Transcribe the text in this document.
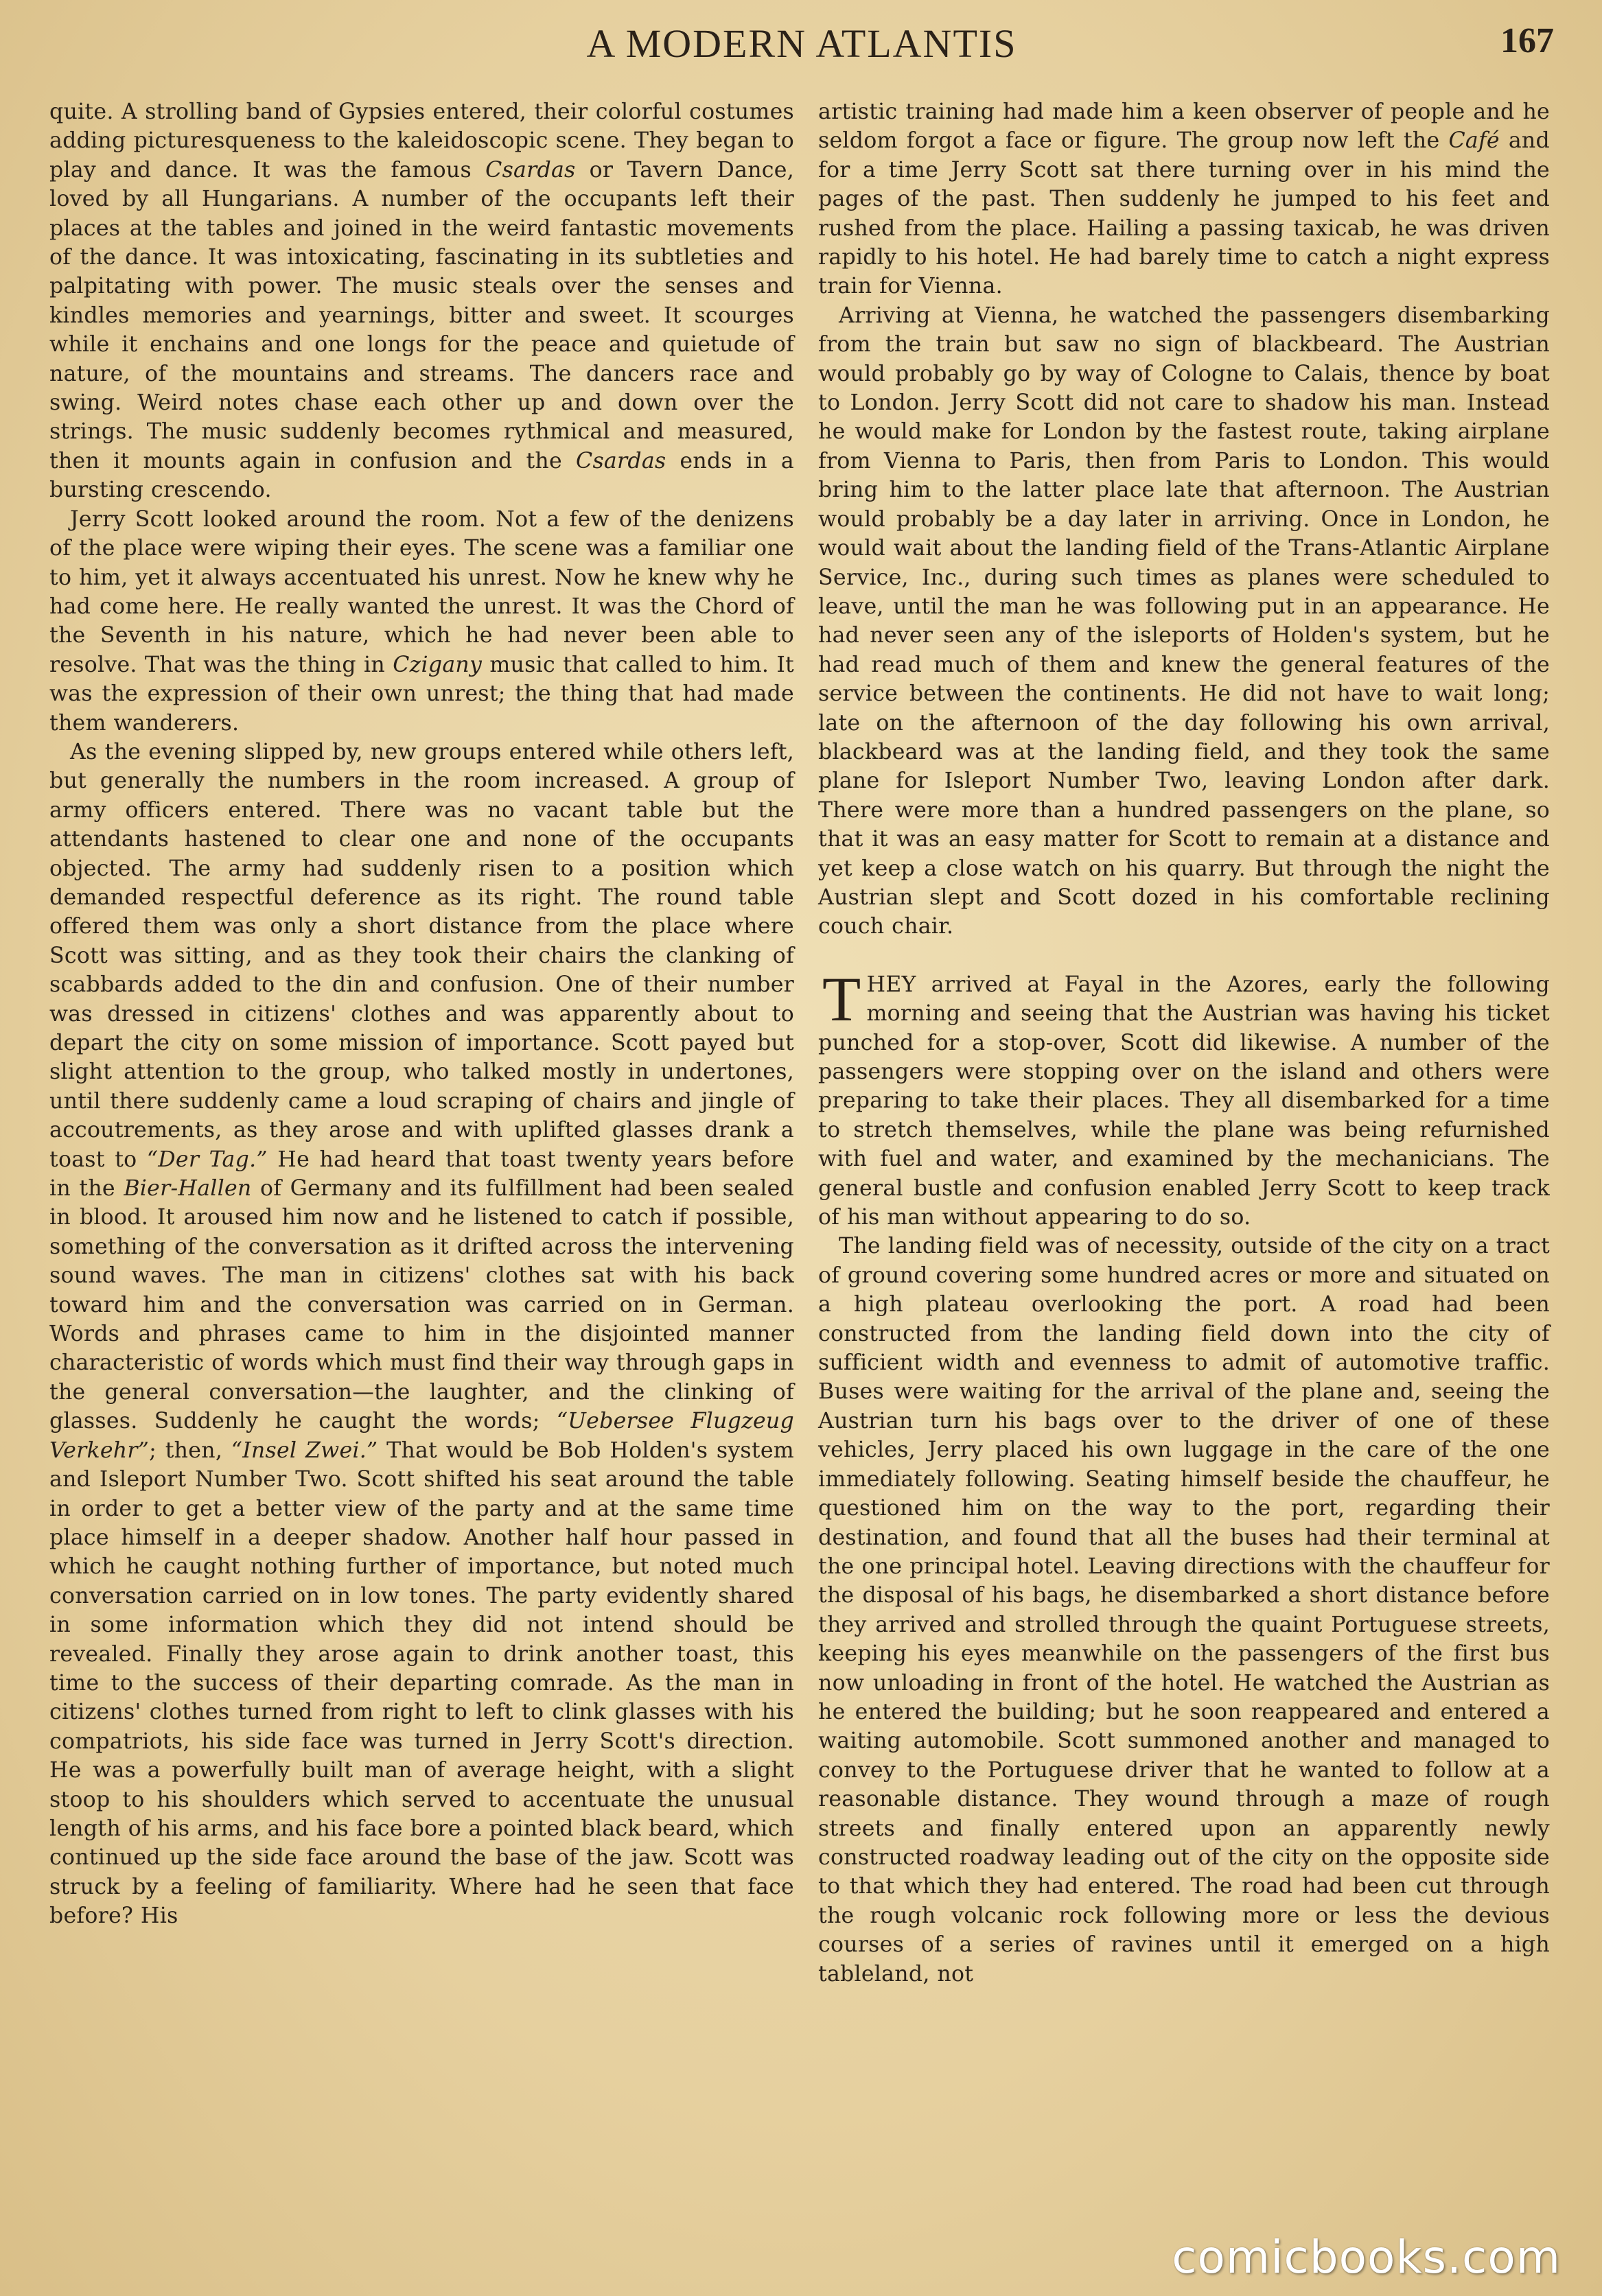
A MODERN ATLANTIS	167

quite. A strolling band of Gypsies entered, their colorful costumes adding picturesqueness to the kaleidoscopic scene. They began to play and dance. It was the famous Csardas or Tavern Dance, loved by all Hungarians. A number of the occupants left their places at the tables and joined in the weird fantastic movements of the dance. It was intoxicating, fascinating in its subtleties and palpitating with power. The music steals over the senses and kindles memories and yearnings, bitter and sweet. It scourges while it enchains and one longs for the peace and quietude of nature, of the mountains and streams. The dancers race and swing. Weird notes chase each other up and down over the strings. The music suddenly becomes rythmical and measured, then it mounts again in confusion and the Csardas ends in a bursting crescendo.

Jerry Scott looked around the room. Not a few of the denizens of the place were wiping their eyes. The scene was a familiar one to him, yet it always accentuated his unrest. Now he knew why he had come here. He really wanted the unrest. It was the Chord of the Seventh in his nature, which he had never been able to resolve. That was the thing in Czigany music that called to him. It was the expression of their own unrest; the thing that had made them wanderers.

As the evening slipped by, new groups entered while others left, but generally the numbers in the room increased. A group of army officers entered. There was no vacant table but the attendants hastened to clear one and none of the occupants objected. The army had suddenly risen to a position which demanded respectful deference as its right. The round table offered them was only a short distance from the place where Scott was sitting, and as they took their chairs the clanking of scabbards added to the din and confusion. One of their number was dressed in citizens' clothes and was apparently about to depart the city on some mission of importance. Scott payed but slight attention to the group, who talked mostly in undertones, until there suddenly came a loud scraping of chairs and jingle of accoutrements, as they arose and with uplifted glasses drank a toast to “Der Tag.” He had heard that toast twenty years before in the Bier-Hallen of Germany and its fulfillment had been sealed in blood. It aroused him now and he listened to catch if possible, something of the conversation as it drifted across the intervening sound waves. The man in citizens' clothes sat with his back toward him and the conversation was carried on in German. Words and phrases came to him in the disjointed manner characteristic of words which must find their way through gaps in the general conversation—the laughter, and the clinking of glasses. Suddenly he caught the words; “Uebersee Flugzeug Verkehr”; then, “Insel Zwei.” That would be Bob Holden's system and Isleport Number Two. Scott shifted his seat around the table in order to get a better view of the party and at the same time place himself in a deeper shadow. Another half hour passed in which he caught nothing further of importance, but noted much conversation carried on in low tones. The party evidently shared in some information which they did not intend should be revealed. Finally they arose again to drink another toast, this time to the success of their departing comrade. As the man in citizens' clothes turned from right to left to clink glasses with his compatriots, his side face was turned in Jerry Scott's direction. He was a powerfully built man of average height, with a slight stoop to his shoulders which served to accentuate the unusual length of his arms, and his face bore a pointed black beard, which continued up the side face around the base of the jaw. Scott was struck by a feeling of familiarity. Where had he seen that face before? His

artistic training had made him a keen observer of people and he seldom forgot a face or figure. The group now left the Café and for a time Jerry Scott sat there turning over in his mind the pages of the past. Then suddenly he jumped to his feet and rushed from the place. Hailing a passing taxicab, he was driven rapidly to his hotel. He had barely time to catch a night express train for Vienna.

Arriving at Vienna, he watched the passengers disembarking from the train but saw no sign of blackbeard. The Austrian would probably go by way of Cologne to Calais, thence by boat to London. Jerry Scott did not care to shadow his man. Instead he would make for London by the fastest route, taking airplane from Vienna to Paris, then from Paris to London. This would bring him to the latter place late that afternoon. The Austrian would probably be a day later in arriving. Once in London, he would wait about the landing field of the Trans-Atlantic Airplane Service, Inc., during such times as planes were scheduled to leave, until the man he was following put in an appearance. He had never seen any of the isleports of Holden's system, but he had read much of them and knew the general features of the service between the continents. He did not have to wait long; late on the afternoon of the day following his own arrival, blackbeard was at the landing field, and they took the same plane for Isleport Number Two, leaving London after dark. There were more than a hundred passengers on the plane, so that it was an easy matter for Scott to remain at a distance and yet keep a close watch on his quarry. But through the night the Austrian slept and Scott dozed in his comfortable reclining couch chair.

THEY arrived at Fayal in the Azores, early the following morning and seeing that the Austrian was having his ticket punched for a stop-over, Scott did likewise. A number of the passengers were stopping over on the island and others were preparing to take their places. They all disembarked for a time to stretch themselves, while the plane was being refurnished with fuel and water, and examined by the mechanicians. The general bustle and confusion enabled Jerry Scott to keep track of his man without appearing to do so.

The landing field was of necessity, outside of the city on a tract of ground covering some hundred acres or more and situated on a high plateau overlooking the port. A road had been constructed from the landing field down into the city of sufficient width and evenness to admit of automotive traffic. Buses were waiting for the arrival of the plane and, seeing the Austrian turn his bags over to the driver of one of these vehicles, Jerry placed his own luggage in the care of the one immediately following. Seating himself beside the chauffeur, he questioned him on the way to the port, regarding their destination, and found that all the buses had their terminal at the one principal hotel. Leaving directions with the chauffeur for the disposal of his bags, he disembarked a short distance before they arrived and strolled through the quaint Portuguese streets, keeping his eyes meanwhile on the passengers of the first bus now unloading in front of the hotel. He watched the Austrian as he entered the building; but he soon reappeared and entered a waiting automobile. Scott summoned another and managed to convey to the Portuguese driver that he wanted to follow at a reasonable distance. They wound through a maze of rough streets and finally entered upon an apparently newly constructed roadway leading out of the city on the opposite side to that which they had entered. The road had been cut through the rough volcanic rock following more or less the devious courses of a series of ravines until it emerged on a high tableland, not

comicbooks.com
